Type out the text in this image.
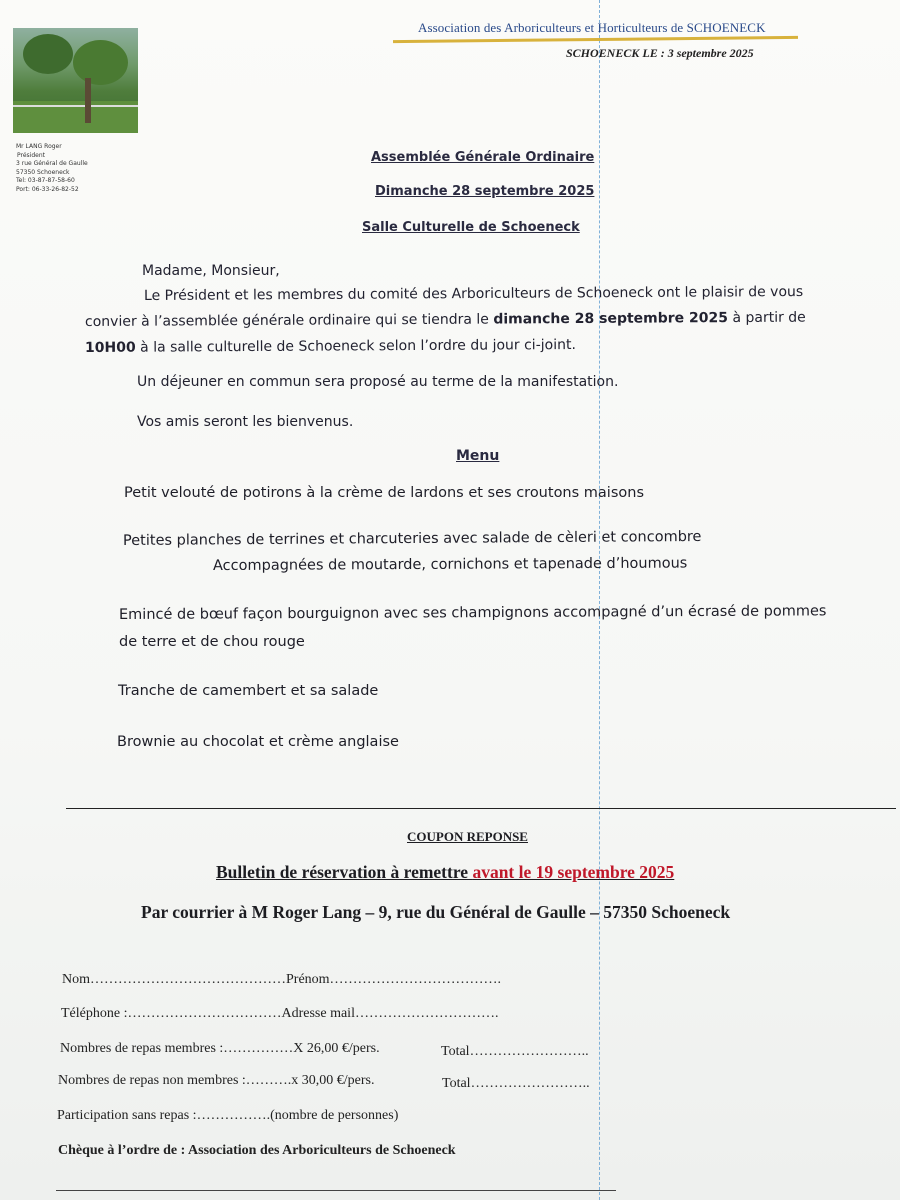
Mr LANG Roger
Président
3 rue Général de Gaulle
57350 Schoeneck
Tel: 03-87-87-58-60
Port: 06-33-26-82-52
Association des Arboriculteurs et Horticulteurs de SCHOENECK
SCHOENECK LE : 3 septembre 2025
Assemblée Générale Ordinaire
Dimanche 28 septembre 2025
Salle Culturelle de Schoeneck
Madame, Monsieur,
Le Président et les membres du comité des Arboriculteurs de Schoeneck ont le plaisir de vous
convier à l’assemblée générale ordinaire qui se tiendra le dimanche 28 septembre 2025 à partir de
10H00 à la salle culturelle de Schoeneck selon l’ordre du jour ci-joint.
Un déjeuner en commun sera proposé au terme de la manifestation.
Vos amis seront les bienvenus.
Menu
Petit velouté de potirons à la crème de lardons et ses croutons maisons
Petites planches de terrines et charcuteries avec salade de cèleri et concombre
Accompagnées de moutarde, cornichons et tapenade d’houmous
Emincé de bœuf façon bourguignon avec ses champignons accompagné d’un écrasé de pommes
de terre et de chou rouge
Tranche de camembert et sa salade
Brownie au chocolat et crème anglaise
COUPON REPONSE
Bulletin de réservation à remettre avant le 19 septembre 2025
Par courrier à M Roger Lang – 9, rue du Général de Gaulle – 57350 Schoeneck
Nom……………………………………Prénom……………………………….
Téléphone :……………………………Adresse mail………………………….
Nombres de repas membres :……………X 26,00 €/pers.	Total……………………..
Nombres de repas non membres :……….x 30,00 €/pers.	Total……………………..
Participation sans repas :…………….(nombre de personnes)
Chèque à l’ordre de : Association des Arboriculteurs de Schoeneck
